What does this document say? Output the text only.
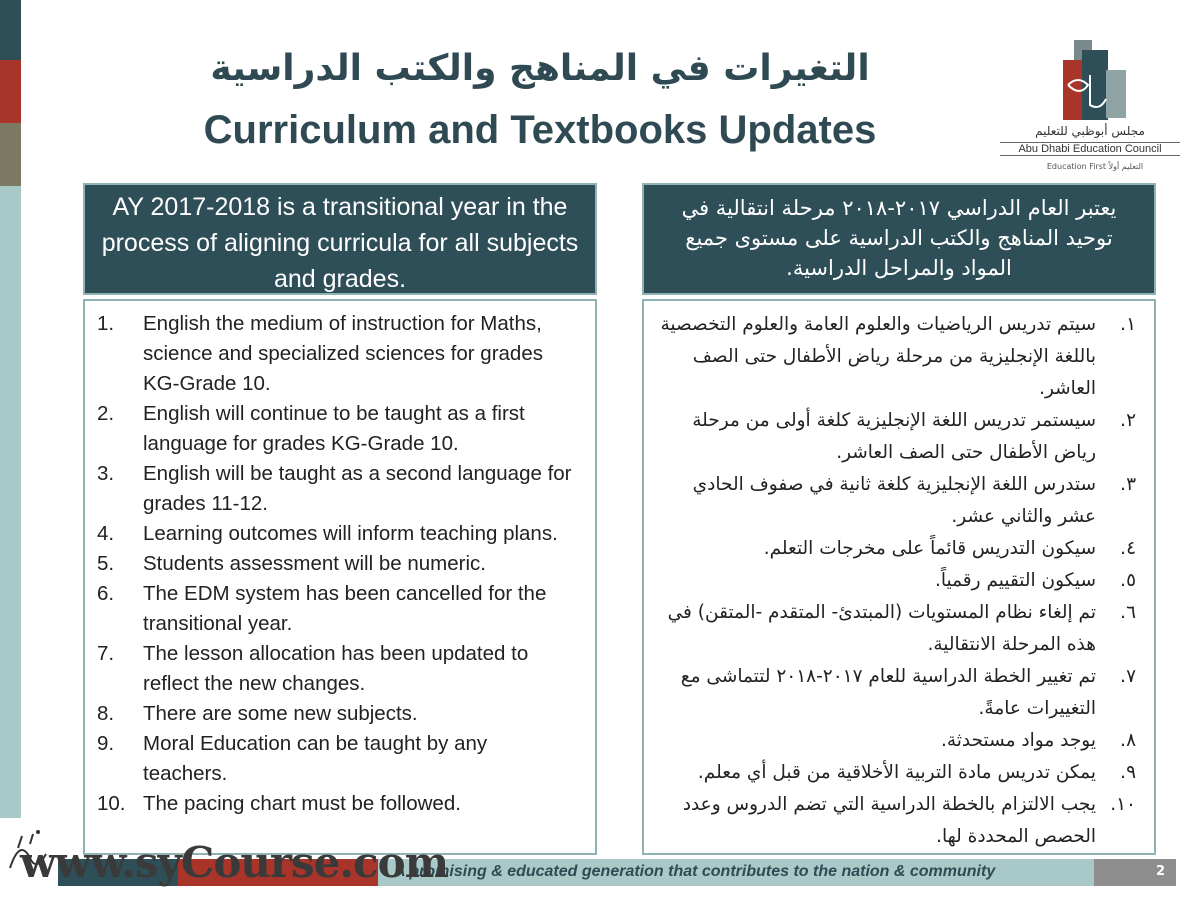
التغيرات في المناهج والكتب الدراسية
Curriculum and Textbooks Updates	مجلس أبوظبي للتعليم
Abu Dhabi Education Council
Education First التعليم أولاً
AY 2017-2018 is a transitional year in the process of aligning curricula for all subjects and grades.
يعتبر العام الدراسي ٢٠١٧-٢٠١٨ مرحلة انتقالية في توحيد المناهج والكتب الدراسية على مستوى جميع المواد والمراحل الدراسية.
1. English the medium of instruction for Maths, science and specialized sciences for grades KG-Grade 10.
2. English will continue to be taught as a first language for grades KG-Grade 10.
3. English will be taught as a second language for grades 11-12.
4. Learning outcomes will inform teaching plans.
5. Students assessment will be numeric.
6. The EDM system has been cancelled for the transitional year.
7. The lesson allocation has been updated to reflect the new changes.
8. There are some new subjects.
9. Moral Education can be taught by any teachers.
10. The pacing chart must be followed.
١.
سيتم تدريس الرياضيات والعلوم العامة والعلوم التخصصية باللغة الإنجليزية من مرحلة رياض الأطفال حتى الصف العاشر.
٢.
سيستمر تدريس اللغة الإنجليزية كلغة أولى من مرحلة رياض الأطفال حتى الصف العاشر.
٣.
ستدرس اللغة الإنجليزية كلغة ثانية في صفوف الحادي عشر والثاني عشر.
٤.
سيكون التدريس قائماً على مخرجات التعلم.
٥.
سيكون التقييم رقمياً.
٦.
تم إلغاء نظام المستويات (المبتدئ- المتقدم -المتقن) في هذه المرحلة الانتقالية.
٧.
تم تغيير الخطة الدراسية للعام ٢٠١٧-٢٠١٨ لتتماشى مع التغييرات عامةً.
٨.
يوجد مواد مستحدثة.
٩.
يمكن تدريس مادة التربية الأخلاقية من قبل أي معلم.
١٠.
يجب الالتزام بالخطة الدراسية التي تضم الدروس وعدد الحصص المحددة لها.
A promising & educated generation that contributes to the nation & community	2
www.syCourse.com
